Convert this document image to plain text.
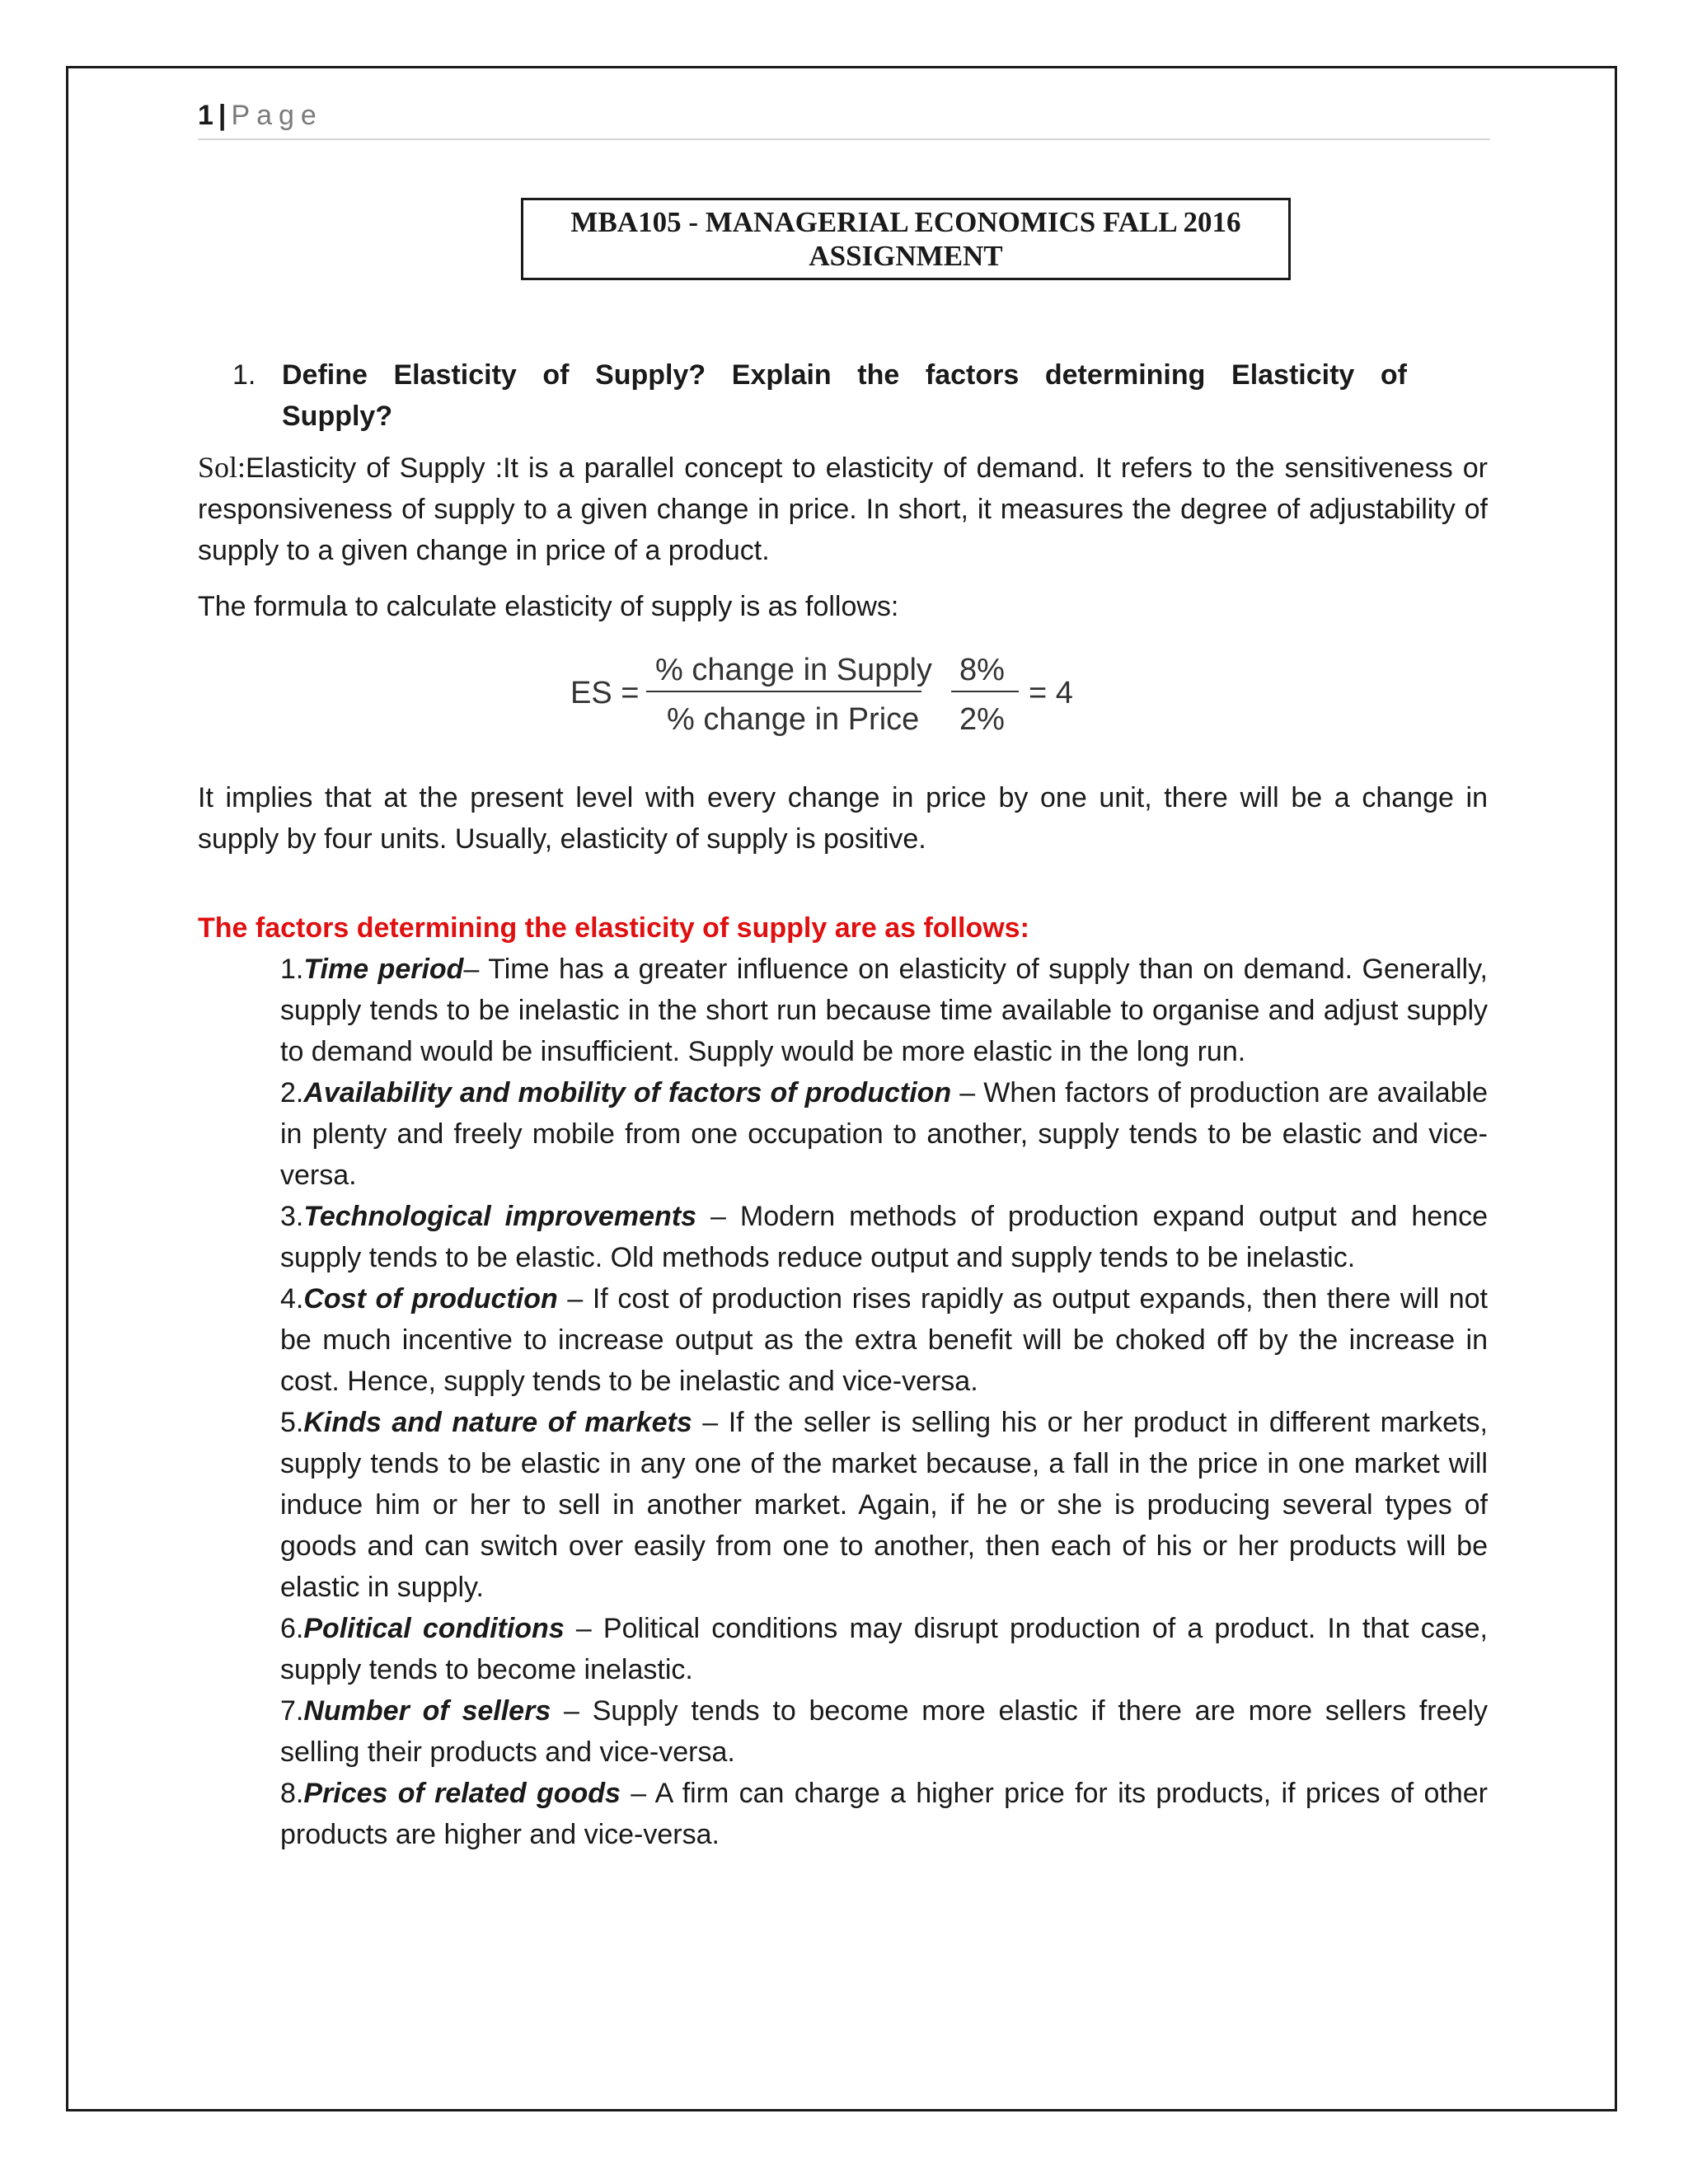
1 | Page
MBA105 - MANAGERIAL ECONOMICS FALL 2016
ASSIGNMENT

1. Define Elasticity of Supply? Explain the factors determining Elasticity of Supply?

Sol:Elasticity of Supply :It is a parallel concept to elasticity of demand. It refers to the sensitiveness or responsiveness of supply to a given change in price. In short, it measures the degree of adjustability of supply to a given change in price of a product.

The formula to calculate elasticity of supply is as follows:

ES =
% change in Supply
% change in Price
8%
2%
= 4

It implies that at the present level with every change in price by one unit, there will be a change in supply by four units. Usually, elasticity of supply is positive.

The factors determining the elasticity of supply are as follows:

1.Time period– Time has a greater influence on elasticity of supply than on demand. Generally, supply tends to be inelastic in the short run because time available to organise and adjust supply to demand would be insufficient. Supply would be more elastic in the long run.

2.Availability and mobility of factors of production – When factors of production are available in plenty and freely mobile from one occupation to another, supply tends to be elastic and vice-versa.

3.Technological improvements – Modern methods of production expand output and hence supply tends to be elastic. Old methods reduce output and supply tends to be inelastic.

4.Cost of production – If cost of production rises rapidly as output expands, then there will not be much incentive to increase output as the extra benefit will be choked off by the increase in cost. Hence, supply tends to be inelastic and vice-versa.

5.Kinds and nature of markets – If the seller is selling his or her product in different markets, supply tends to be elastic in any one of the market because, a fall in the price in one market will induce him or her to sell in another market. Again, if he or she is producing several types of goods and can switch over easily from one to another, then each of his or her products will be elastic in supply.

6.Political conditions – Political conditions may disrupt production of a product. In that case, supply tends to become inelastic.

7.Number of sellers – Supply tends to become more elastic if there are more sellers freely selling their products and vice-versa.

8.Prices of related goods – A firm can charge a higher price for its products, if prices of other products are higher and vice-versa.
